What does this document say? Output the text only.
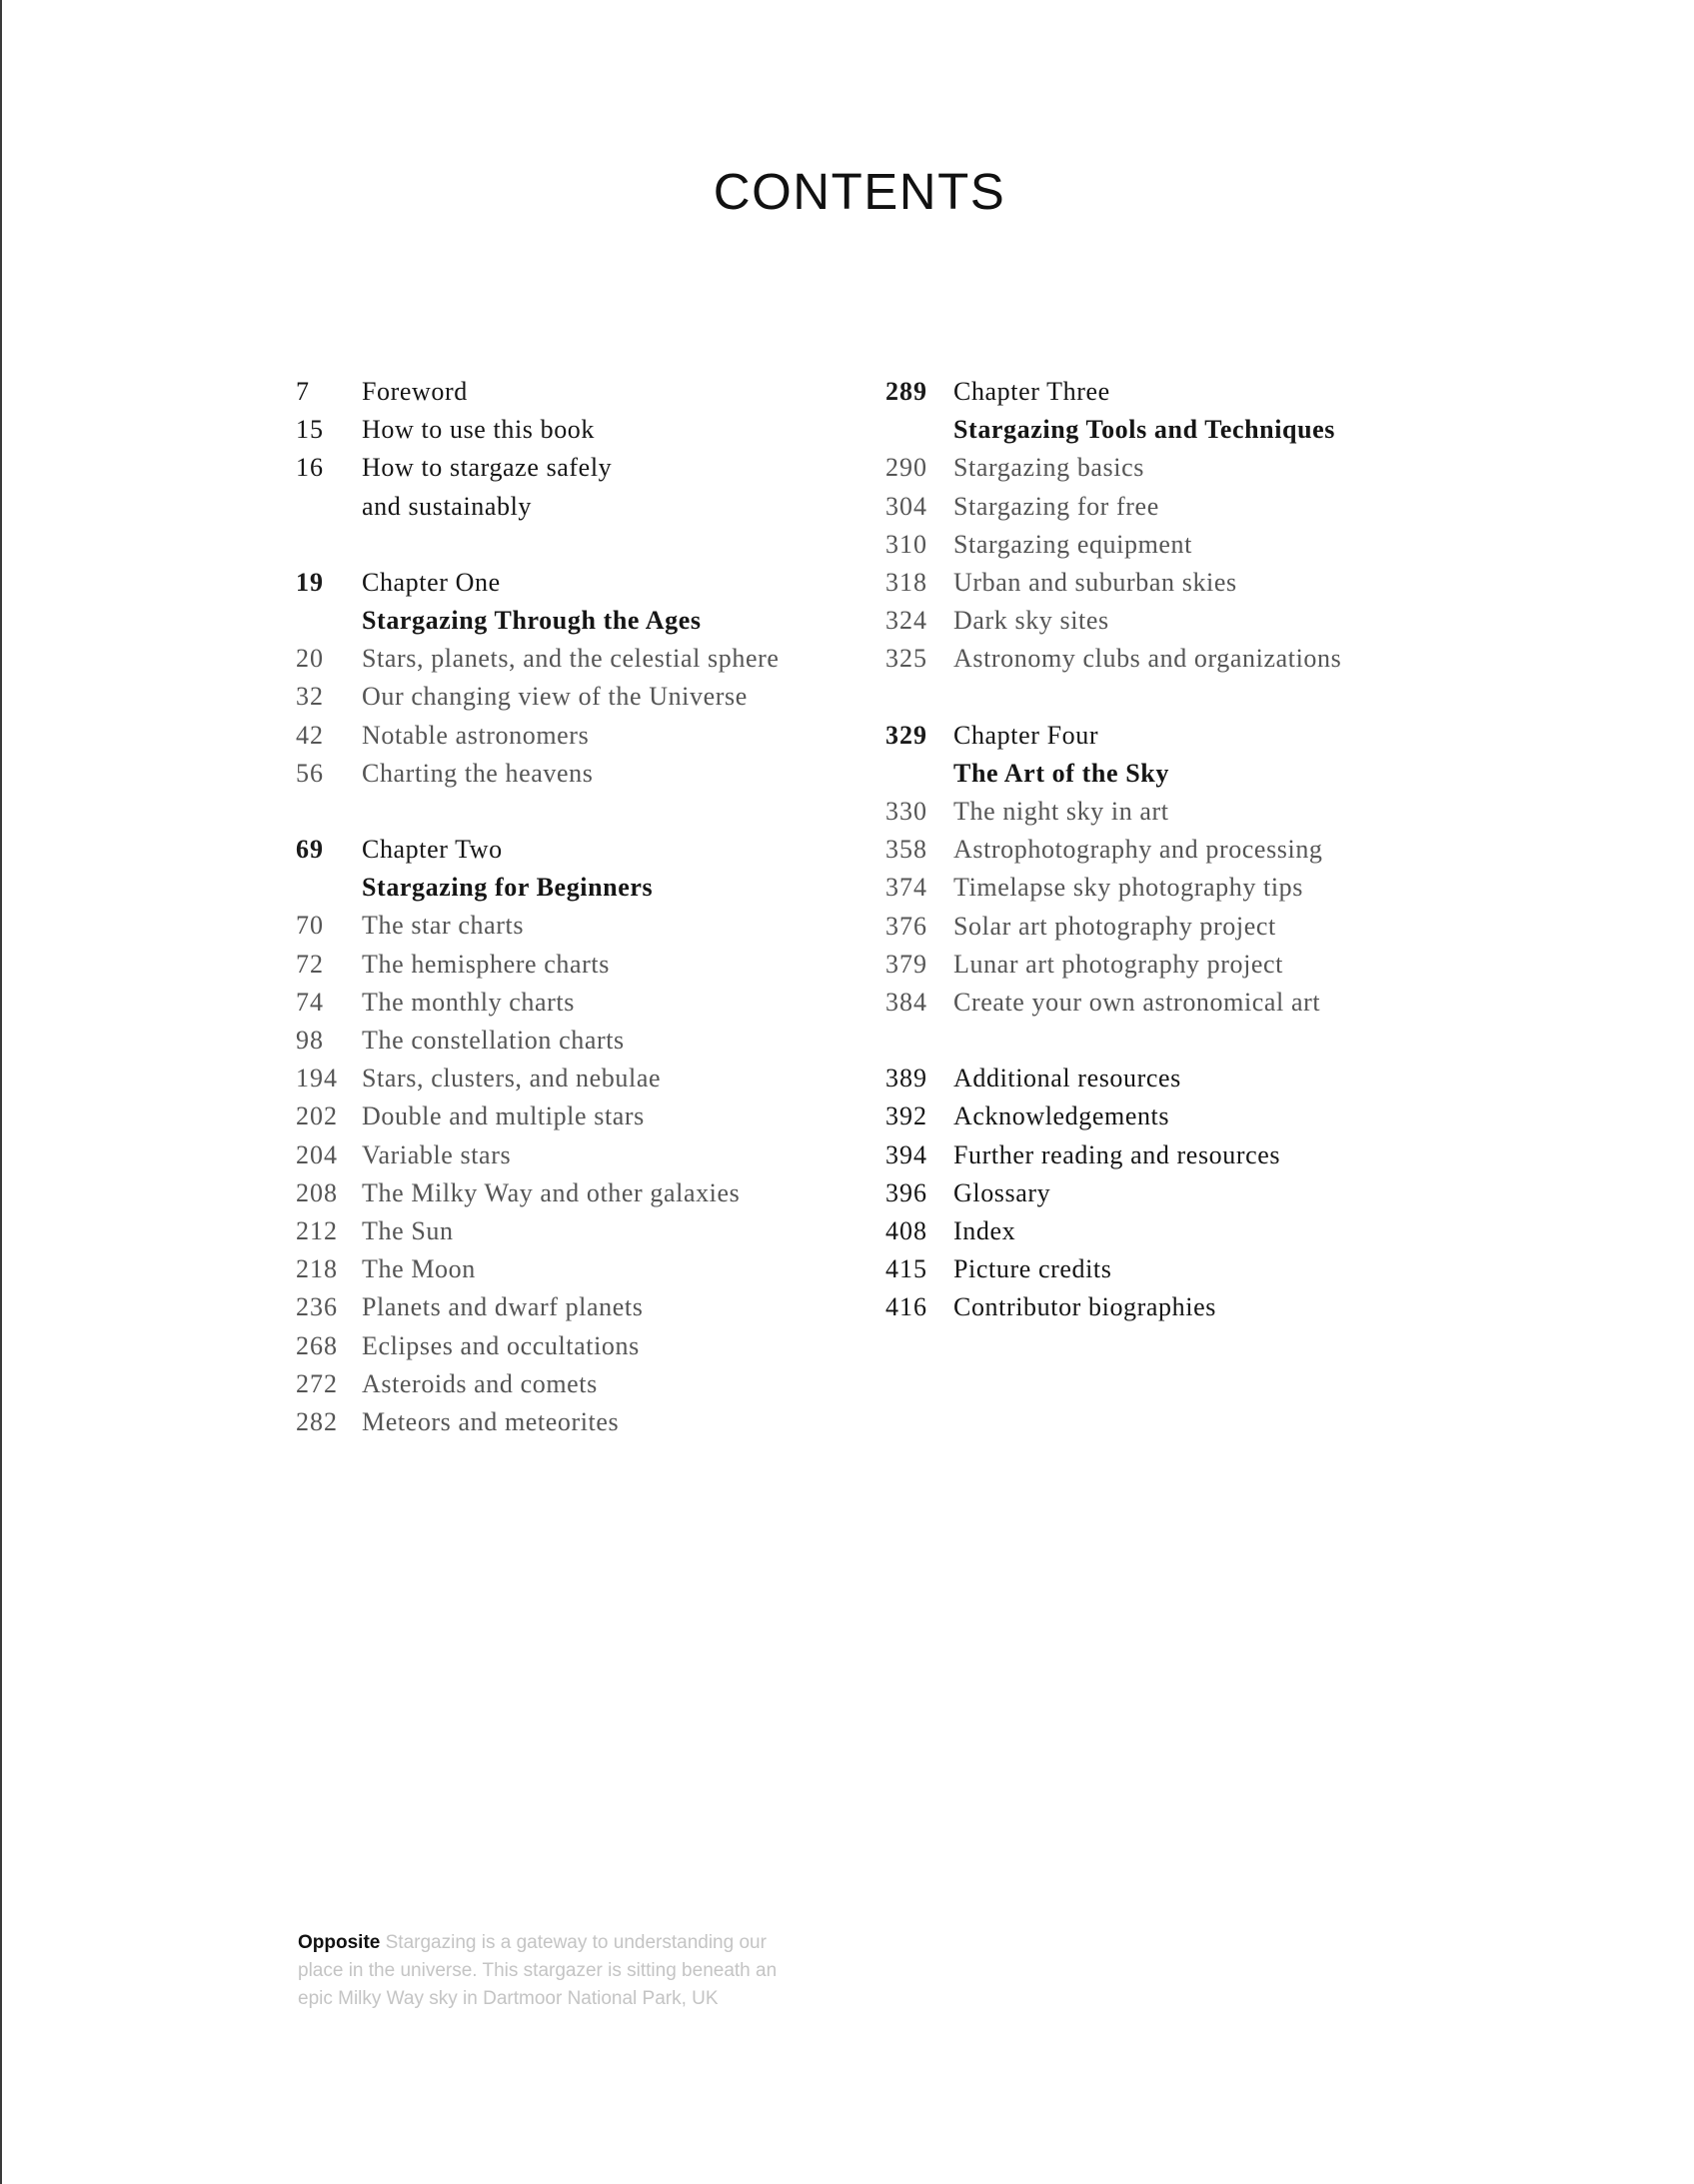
CONTENTS
7	Foreword
15	How to use this book
16	How to stargaze safely
and sustainably
19	Chapter One
Stargazing Through the Ages
20	Stars, planets, and the celestial sphere
32	Our changing view of the Universe
42	Notable astronomers
56	Charting the heavens
69	Chapter Two
Stargazing for Beginners
70	The star charts
72	The hemisphere charts
74	The monthly charts
98	The constellation charts
194 Stars, clusters, and nebulae
202 Double and multiple stars
204 Variable stars
208 The Milky Way and other galaxies
212 The Sun
218 The Moon
236 Planets and dwarf planets
268 Eclipses and occultations
272 Asteroids and comets
282 Meteors and meteorites
289	Chapter Three
Stargazing Tools and Techniques
290	Stargazing basics
304	Stargazing for free
310	Stargazing equipment
318	Urban and suburban skies
324	Dark sky sites
325	Astronomy clubs and organizations
329	Chapter Four
The Art of the Sky
330	The night sky in art
358	Astrophotography and processing
374	Timelapse sky photography tips
376	Solar art photography project
379	Lunar art photography project
384	Create your own astronomical art
389	Additional resources
392	Acknowledgements
394	Further reading and resources
396	Glossary
408	Index
415	Picture credits
416	Contributor biographies
Opposite Stargazing is a gateway to understanding our place in the universe. This stargazer is sitting beneath an epic Milky Way sky in Dartmoor National Park, UK
